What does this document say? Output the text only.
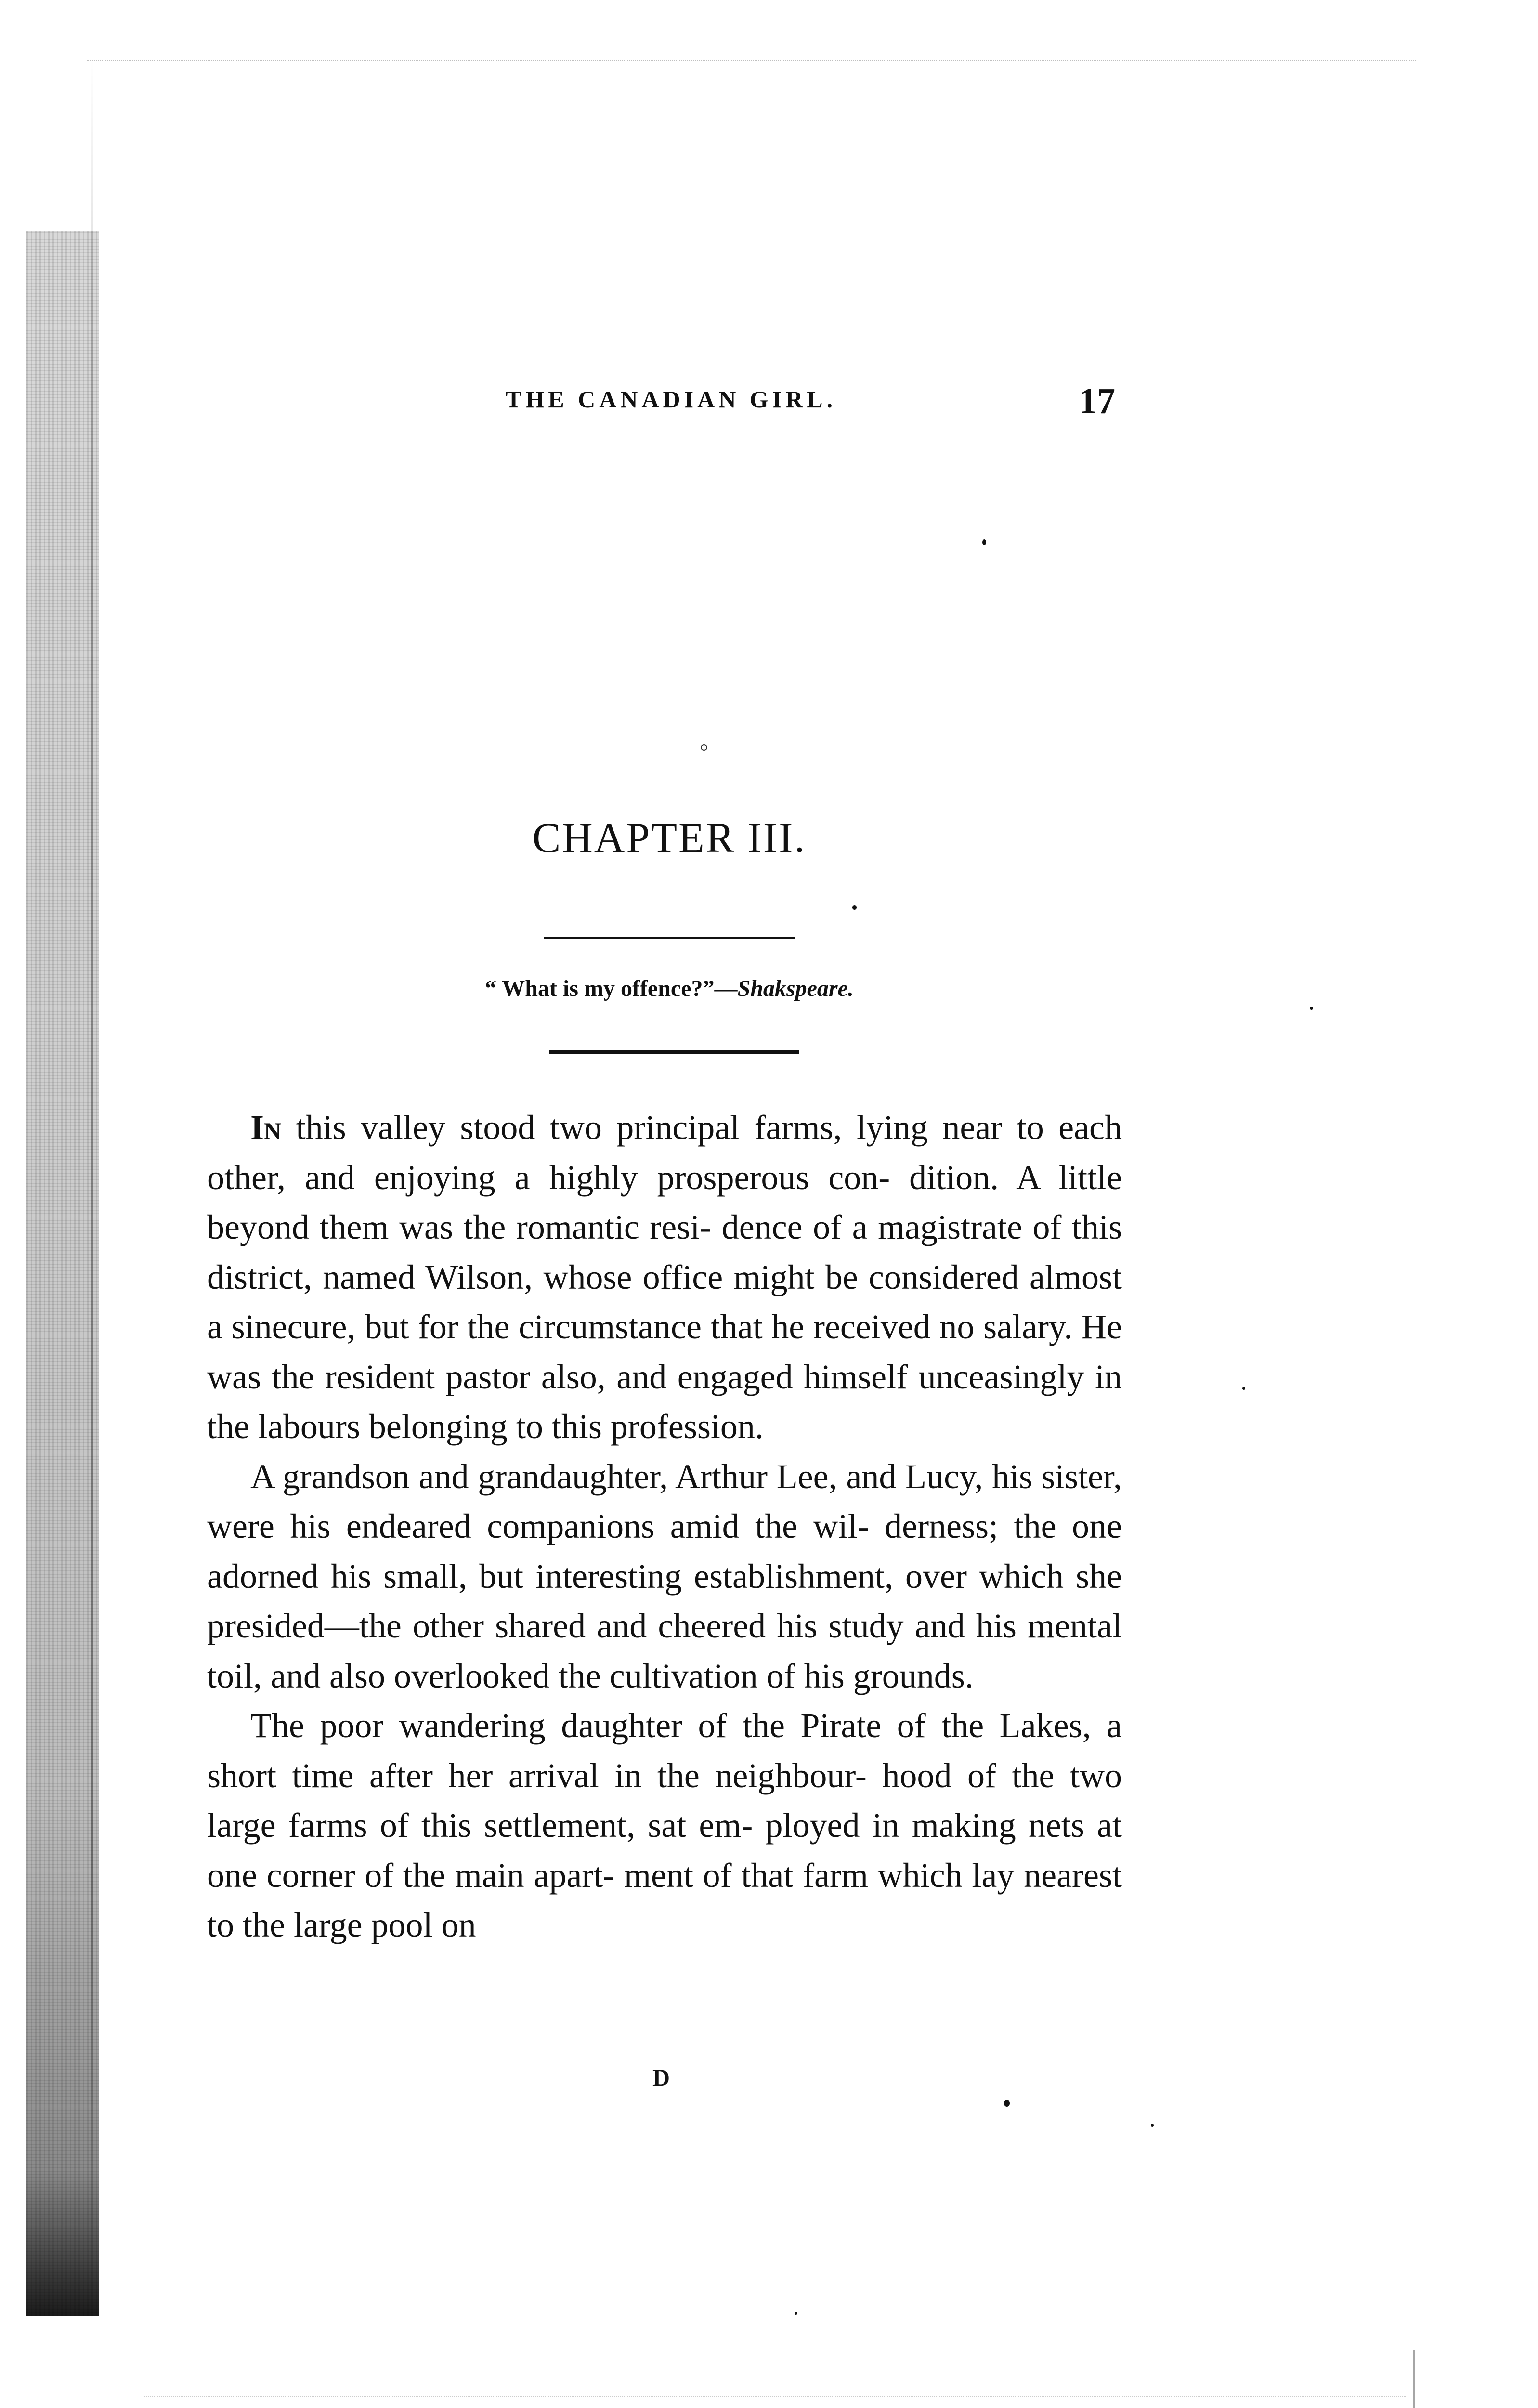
THE CANADIAN GIRL.	17
CHAPTER III.
“ What is my offence?”—Shakspeare.

In this valley stood two principal farms, lying near to each other, and enjoying a highly prosperous con- dition. A little beyond them was the romantic resi- dence of a magistrate of this district, named Wilson, whose office might be considered almost a sinecure, but for the circumstance that he received no salary. He was the resident pastor also, and engaged himself unceasingly in the labours belonging to this profession.

A grandson and grandaughter, Arthur Lee, and Lucy, his sister, were his endeared companions amid the wil- derness; the one adorned his small, but interesting establishment, over which she presided—the other shared and cheered his study and his mental toil, and also overlooked the cultivation of his grounds.

The poor wandering daughter of the Pirate of the Lakes, a short time after her arrival in the neighbour- hood of the two large farms of this settlement, sat em- ployed in making nets at one corner of the main apart- ment of that farm which lay nearest to the large pool on

D
